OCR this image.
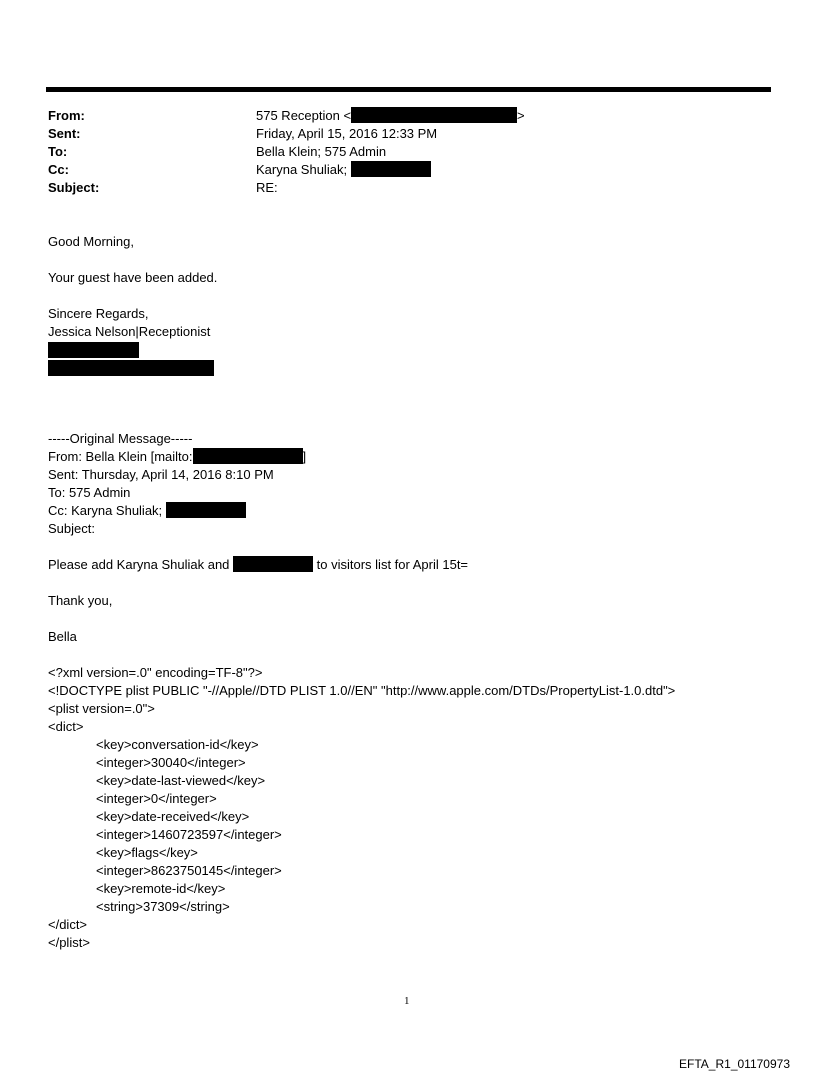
From:	575 Reception <	>
Sent:	Friday, April 15, 2016 12:33 PM
To:	Bella Klein; 575 Admin
Cc:	Karyna Shuliak;
Subject:	RE:
Good Morning,
Your guest have been added.
Sincere Regards,
Jessica Nelson|Receptionist
-----Original Message-----
From: Bella Klein [mailto:	]
Sent: Thursday, April 14, 2016 8:10 PM
To: 575 Admin
Cc: Karyna Shuliak;
Subject:
Please add Karyna Shuliak and	to visitors list for April 15t=
Thank you,
Bella
<?xml version=.0" encoding=TF-8"?>
<!DOCTYPE plist PUBLIC "-//Apple//DTD PLIST 1.0//EN" "http://www.apple.com/DTDs/PropertyList-1.0.dtd">
<plist version=.0">
<dict>
<key>conversation-id</key>
<integer>30040</integer>
<key>date-last-viewed</key>
<integer>0</integer>
<key>date-received</key>
<integer>1460723597</integer>
<key>flags</key>
<integer>8623750145</integer>
<key>remote-id</key>
<string>37309</string>
</dict>
</plist>
1
EFTA_R1_01170973
